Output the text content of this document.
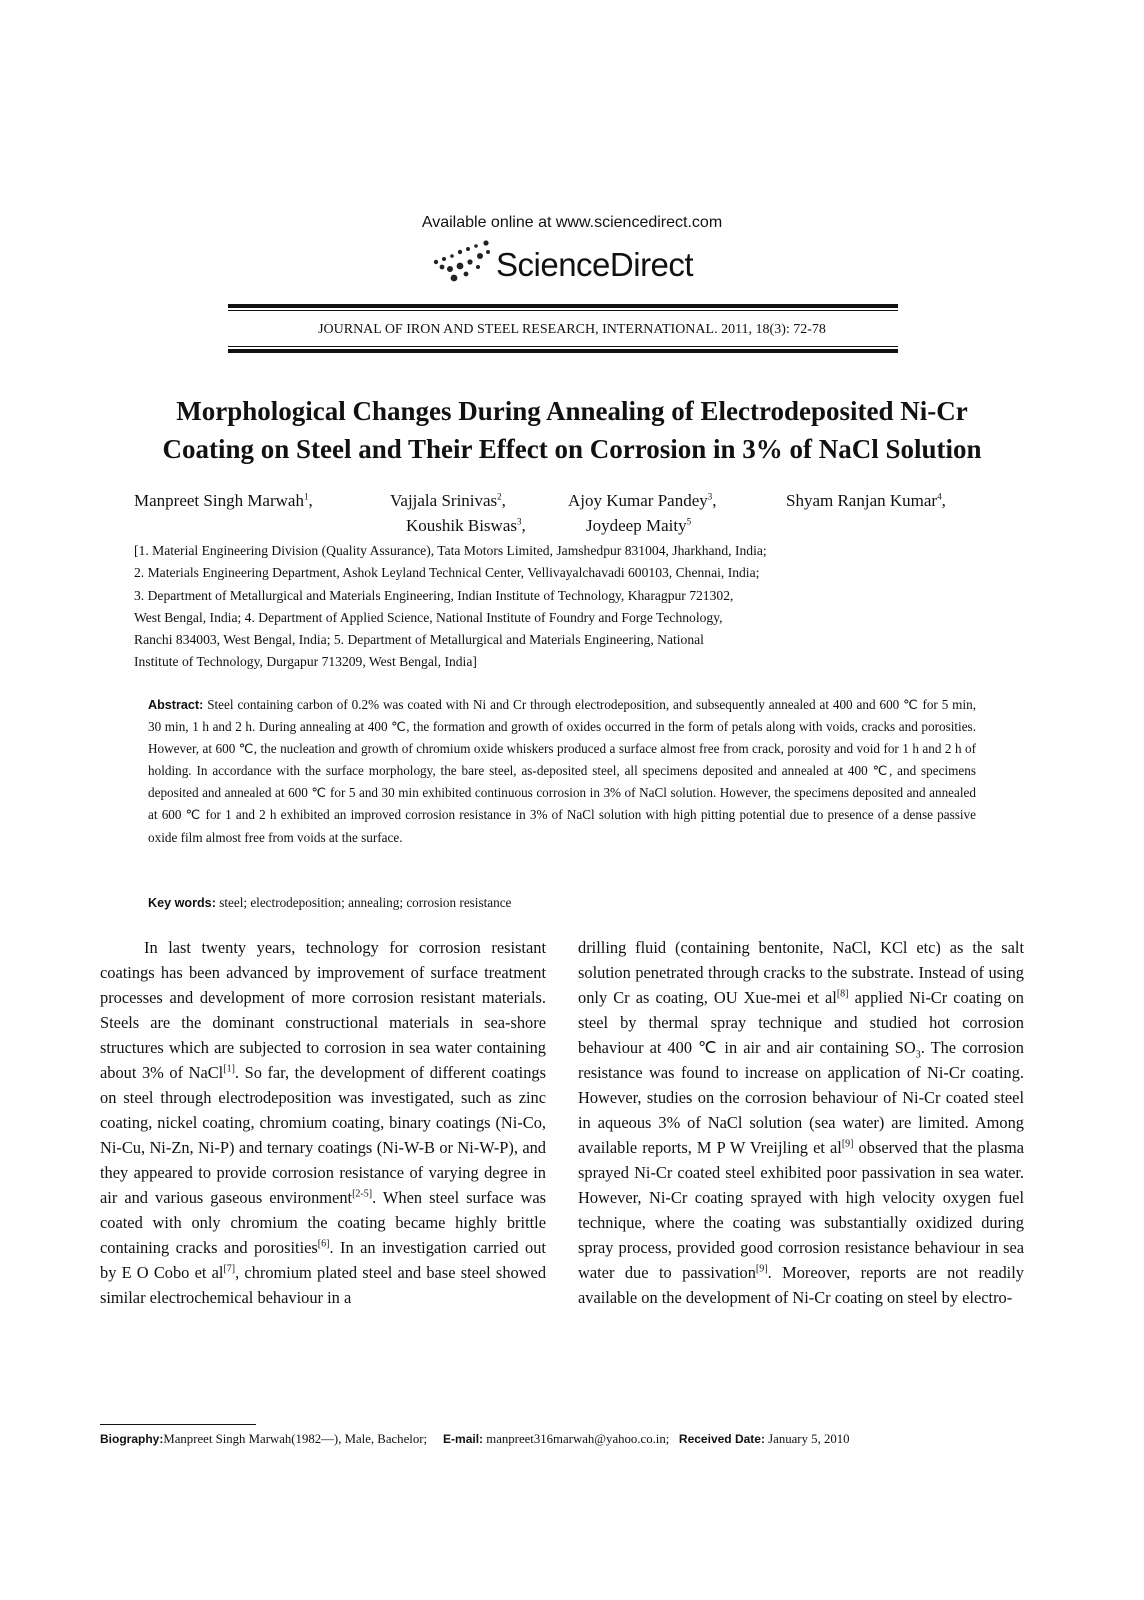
Available online at www.sciencedirect.com
ScienceDirect
JOURNAL OF IRON AND STEEL RESEARCH, INTERNATIONAL. 2011, 18(3): 72-78
Morphological Changes During Annealing of Electrodeposited Ni-Cr
Coating on Steel and Their Effect on Corrosion in 3% of NaCl Solution
Manpreet Singh Marwah$^1$,	Vajjala Srinivas$^2$,	Ajoy Kumar Pandey$^3$,	Shyam Ranjan Kumar$^4$,
Koushik Biswas$^3$,	Joydeep Maity$^5$
[1. Material Engineering Division (Quality Assurance), Tata Motors Limited, Jamshedpur 831004, Jharkhand, India;
2. Materials Engineering Department, Ashok Leyland Technical Center, Vellivayalchavadi 600103, Chennai, India;
3. Department of Metallurgical and Materials Engineering, Indian Institute of Technology, Kharagpur 721302,
West Bengal, India; 4. Department of Applied Science, National Institute of Foundry and Forge Technology,
Ranchi 834003, West Bengal, India; 5. Department of Metallurgical and Materials Engineering, National
Institute of Technology, Durgapur 713209, West Bengal, India]

Abstract: Steel containing carbon of 0.2% was coated with Ni and Cr through electrodeposition, and subsequently annealed at 400 and 600 ℃ for 5 min, 30 min, 1 h and 2 h. During annealing at 400 ℃, the formation and growth of oxides occurred in the form of petals along with voids, cracks and porosities. However, at 600 ℃, the nucleation and growth of chromium oxide whiskers produced a surface almost free from crack, porosity and void for 1 h and 2 h of holding. In accordance with the surface morphology, the bare steel, as-deposited steel, all specimens deposited and annealed at 400 ℃, and specimens deposited and annealed at 600 ℃ for 5 and 30 min exhibited continuous corrosion in 3% of NaCl solution. However, the specimens deposited and annealed at 600 ℃ for 1 and 2 h exhibited an improved corrosion resistance in 3% of NaCl solution with high pitting potential due to presence of a dense passive oxide film almost free from voids at the surface.

Key words: steel; electrodeposition; annealing; corrosion resistance

In last twenty years, technology for corrosion resistant coatings has been advanced by improvement of surface treatment processes and development of more corrosion resistant materials. Steels are the dominant constructional materials in sea-shore structures which are subjected to corrosion in sea water containing about 3% of NaCl[1]. So far, the development of different coatings on steel through electrodeposition was investigated, such as zinc coating, nickel coating, chromium coating, binary coatings (Ni-Co, Ni-Cu, Ni-Zn, Ni-P) and ternary coatings (Ni-W-B or Ni-W-P), and they appeared to provide corrosion resistance of varying degree in air and various gaseous environment[2-5]. When steel surface was coated with only chromium the coating became highly brittle containing cracks and porosities[6]. In an investigation carried out by E O Cobo et al[7], chromium plated steel and base steel showed similar electrochemical behaviour in a

drilling fluid (containing bentonite, NaCl, KCl etc) as the salt solution penetrated through cracks to the substrate. Instead of using only Cr as coating, OU Xue-mei et al[8] applied Ni-Cr coating on steel by thermal spray technique and studied hot corrosion behaviour at 400 ℃ in air and air containing $SO_3$. The corrosion resistance was found to increase on application of Ni-Cr coating. However, studies on the corrosion behaviour of Ni-Cr coated steel in aqueous 3% of NaCl solution (sea water) are limited. Among available reports, M P W Vreijling et al[9] observed that the plasma sprayed Ni-Cr coated steel exhibited poor passivation in sea water. However, Ni-Cr coating sprayed with high velocity oxygen fuel technique, where the coating was substantially oxidized during spray process, provided good corrosion resistance behaviour in sea water due to passivation[9]. Moreover, reports are not readily available on the development of Ni-Cr coating on steel by electro-

Biography:Manpreet Singh Marwah(1982—), Male, Bachelor; E-mail: manpreet316marwah@yahoo.co.in; Received Date: January 5, 2010
